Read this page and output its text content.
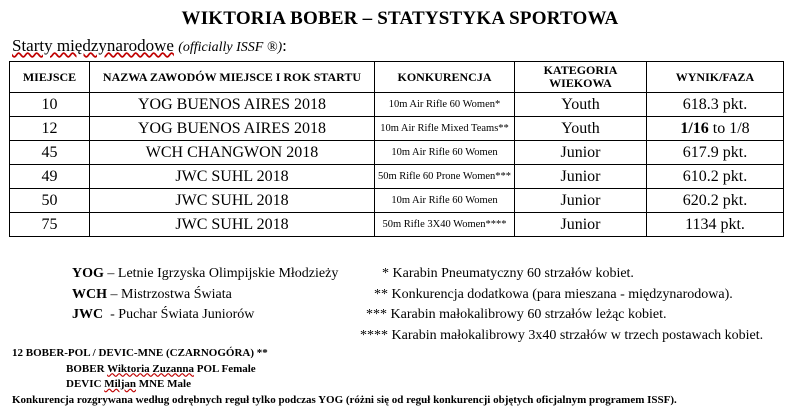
WIKTORIA BOBER – STATYSTYKA SPORTOWA
Starty międzynarodowe (officially ISSF ®):
MIEJSCE	NAZWA ZAWODÓW MIEJSCE I ROK STARTU	KONKURENCJA	KATEGORIA WIEKOWA	WYNIK/FAZA
10	YOG BUENOS AIRES 2018	10m Air Rifle 60 Women*	Youth	618.3 pkt.
12	YOG BUENOS AIRES 2018	10m Air Rifle Mixed Teams**	Youth	1/16 to 1/8
45	WCH CHANGWON 2018	10m Air Rifle 60 Women	Junior	617.9 pkt.
49	JWC SUHL 2018	50m Rifle 60 Prone Women***	Junior	610.2 pkt.
50	JWC SUHL 2018	10m Air Rifle 60 Women	Junior	620.2 pkt.
75	JWC SUHL 2018	50m Rifle 3X40 Women****	Junior	1134 pkt.
YOG – Letnie Igrzyska Olimpijskie Młodzieży
WCH – Mistrzostwa Świata
JWC  - Puchar Świata Juniorów
* Karabin Pneumatyczny 60 strzałów kobiet.
** Konkurencja dodatkowa (para mieszana - międzynarodowa).
*** Karabin małokalibrowy 60 strzałów leżąc kobiet.
**** Karabin małokalibrowy 3x40 strzałów w trzech postawach kobiet.
12 BOBER-POL / DEVIC-MNE (CZARNOGÓRA) **
BOBER Wiktoria Zuzanna POL Female
DEVIC Miljan MNE Male
Konkurencja rozgrywana według odrębnych reguł tylko podczas YOG (różni się od reguł konkurencji objętych oficjalnym programem ISSF).
